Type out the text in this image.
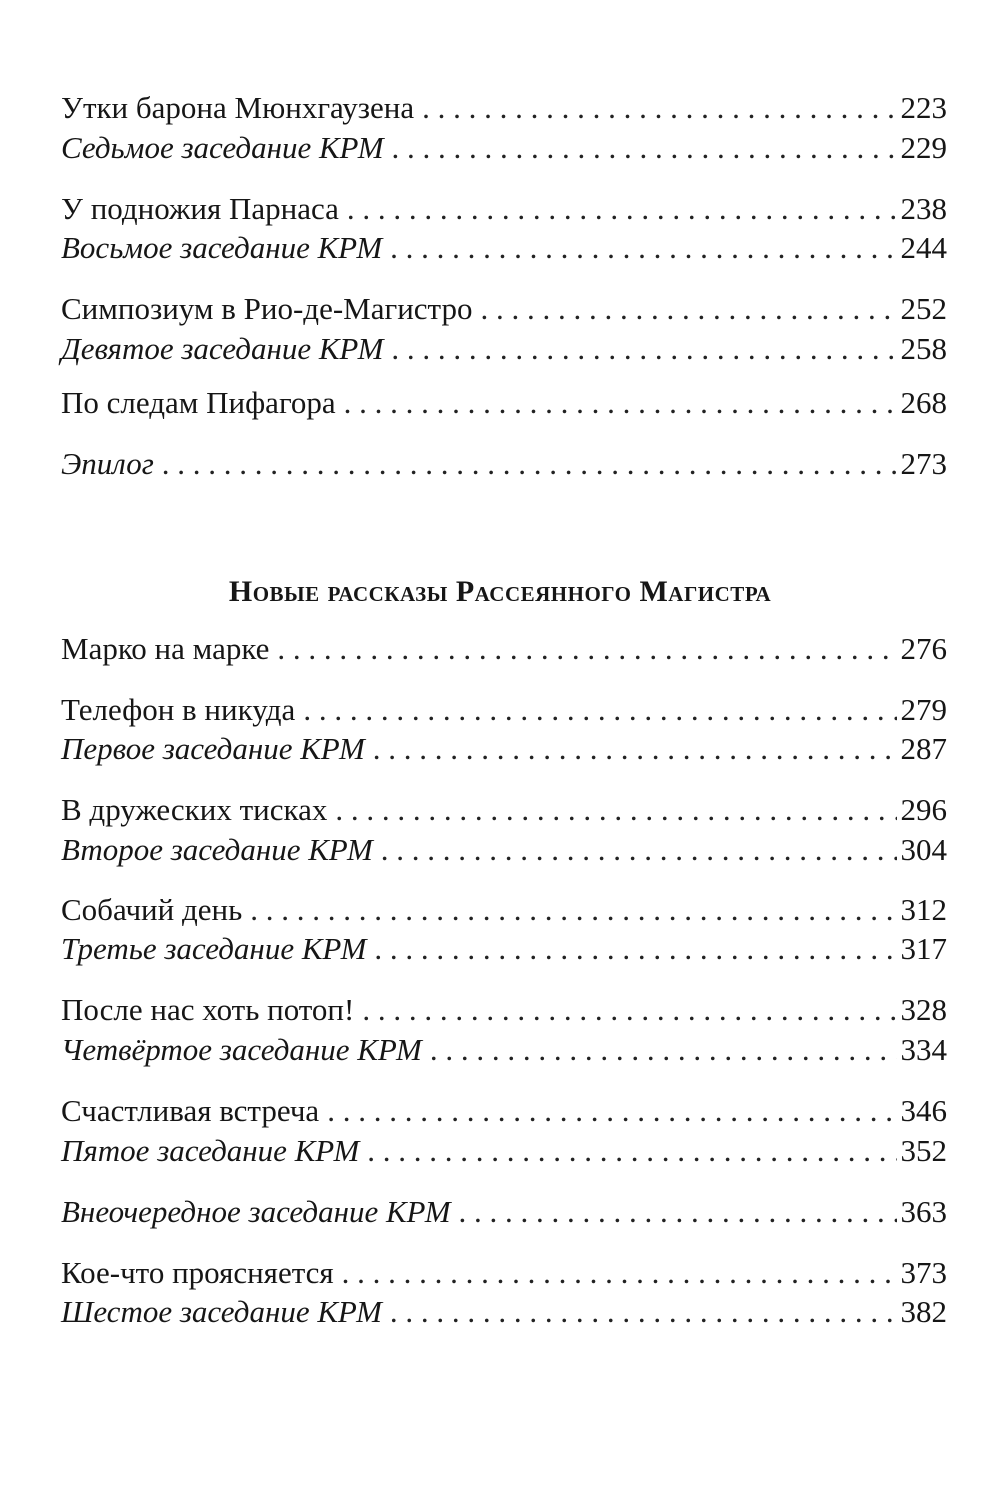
Утки барона Мюнхгаузена . . .	223
Седьмое заседание КРМ . . .	229
У подножия Парнаса . . .	238
Восьмое заседание КРМ . . .	244
Симпозиум в Рио-де-Магистро . . .	252
Девятое заседание КРМ . . .	258
По следам Пифагора . . .	268
Эпилог . . .	273
Новые рассказы Рассеянного Магистра
Марко на марке . . .	276
Телефон в никуда . . .	279
Первое заседание КРМ . . .	287
В дружеских тисках . . .	296
Второе заседание КРМ . . .	304
Собачий день . . .	312
Третье заседание КРМ . . .	317
После нас хоть потоп! . . .	328
Четвёртое заседание КРМ . . .	334
Счастливая встреча . . .	346
Пятое заседание КРМ . . .	352
Внеочередное заседание КРМ . . .	363
Кое-что проясняется . . .	373
Шестое заседание КРМ . . .	382
